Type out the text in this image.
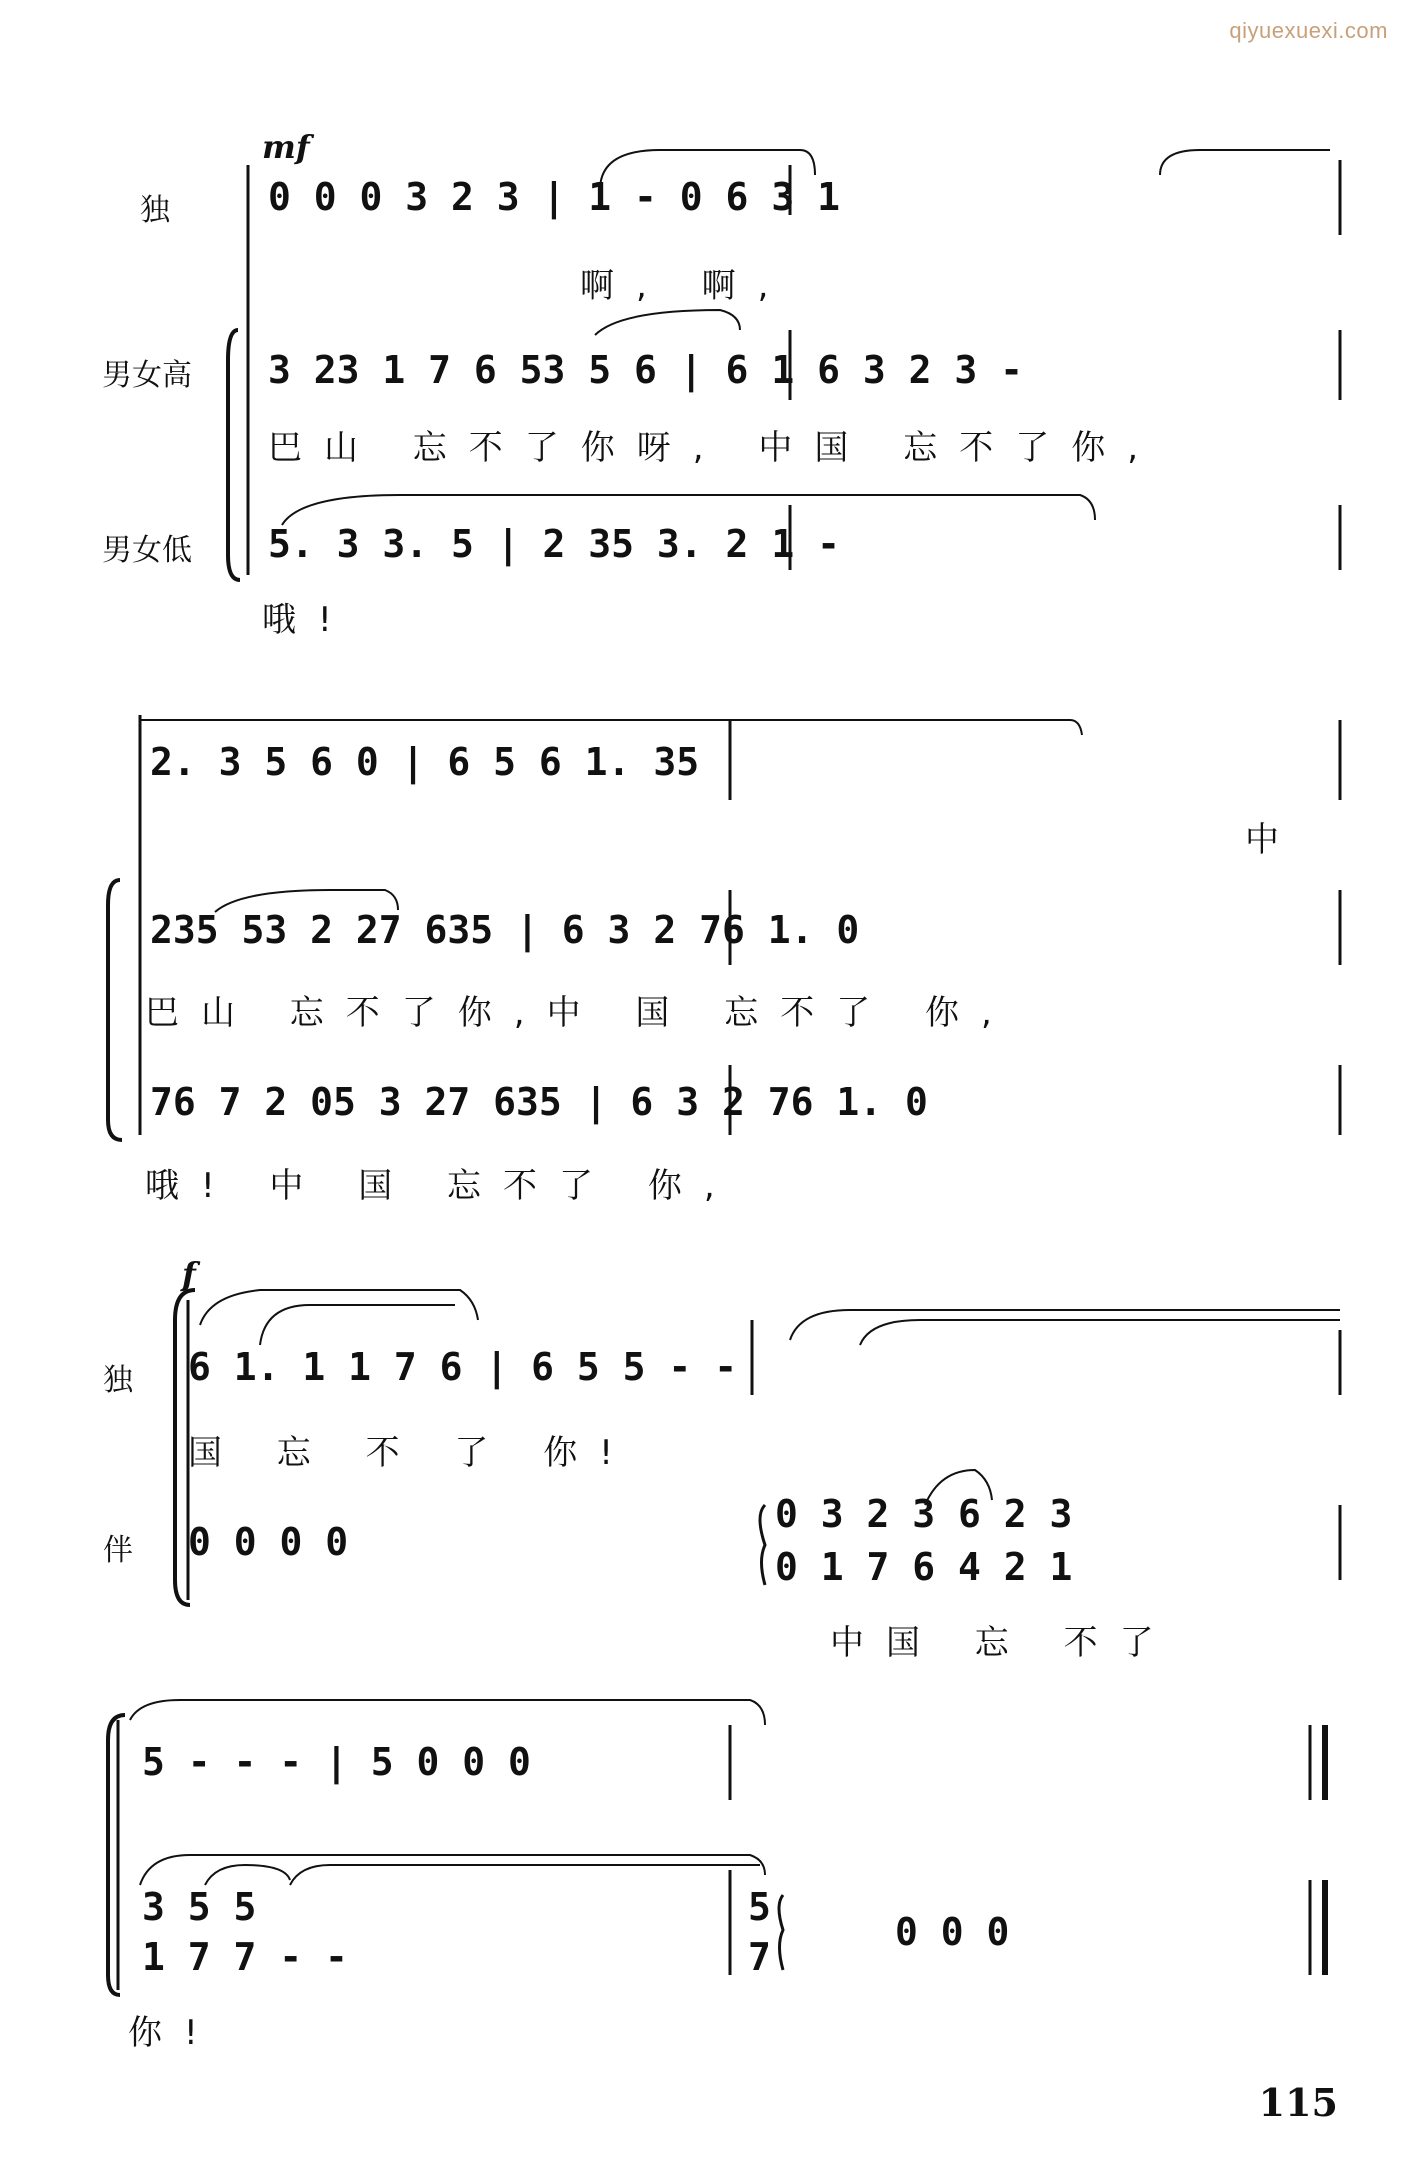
qiyuexuexi.com
独
男女高
男女低
独
伴
mf
f
0 0 0 3 2 3 | 1 - 0 6 3 1
啊, 啊,
3 23 1 7 6 53 5 6 | 6 1 6 3 2 3 -
巴山 忘不了你呀, 中国 忘不了你,
5. 3 3. 5 | 2 35 3. 2 1 -
哦!
2. 3 5 6 0 | 6 5 6 1. 35
中
235 53 2 27 635 | 6 3 2 76 1. 0
巴山 忘不了你,中 国 忘不了 你,
76 7 2 05 3 27 635 | 6 3 2 76 1. 0
哦! 中 国 忘不了 你,
6 1. 1 1 7 6 | 6 5 5 - -
国 忘 不 了 你!
0 0 0 0
0 3 2 3 6 2 3
0 1 7 6 4 2 1
中国 忘 不了
5 - - - | 5 0 0 0
3 5 5
1 7 7 - -
5
7
0 0 0
你!
115
